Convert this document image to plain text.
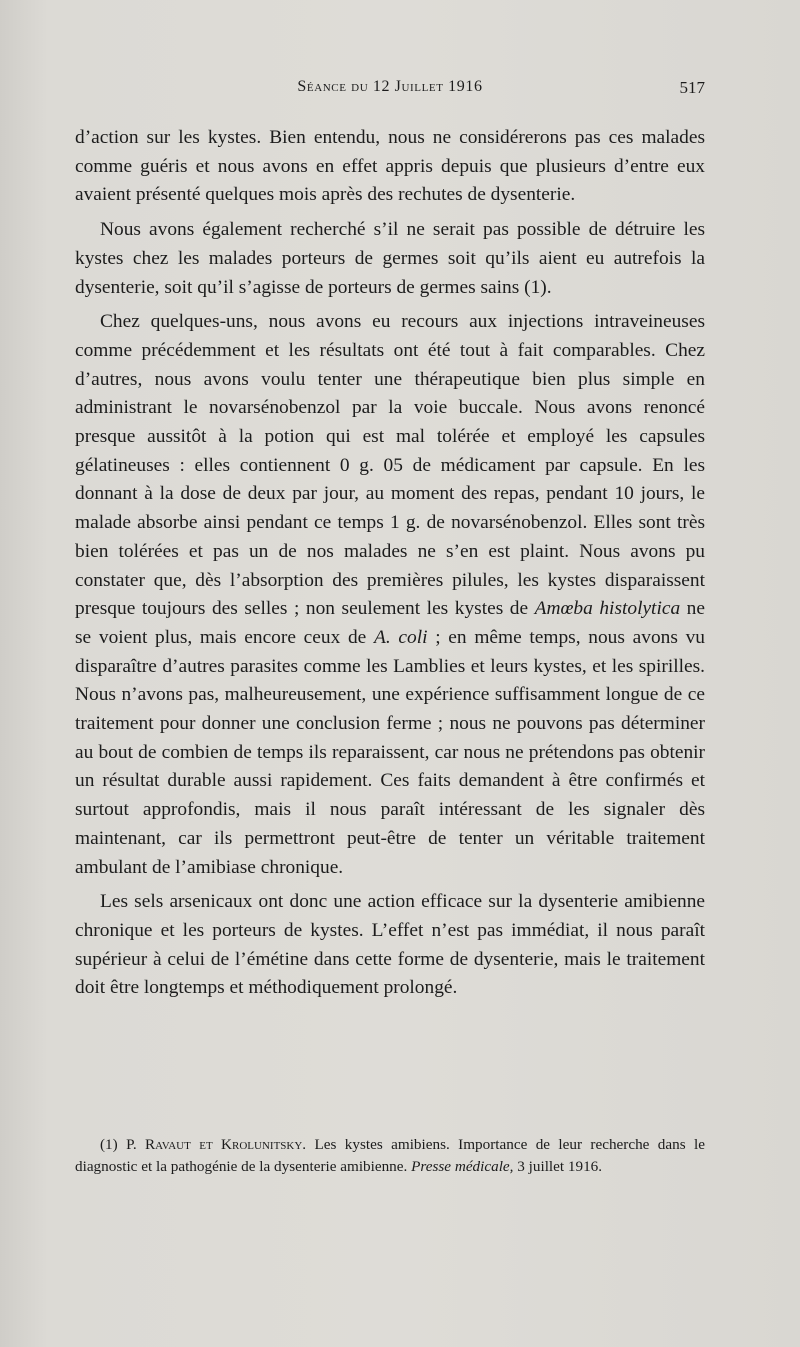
Séance du 12 Juillet 1916	517

d’action sur les kystes. Bien entendu, nous ne considérerons pas ces malades comme guéris et nous avons en effet appris depuis que plusieurs d’entre eux avaient présenté quelques mois après des rechutes de dysenterie.

Nous avons également recherché s’il ne serait pas possible de détruire les kystes chez les malades porteurs de germes soit qu’ils aient eu autrefois la dysenterie, soit qu’il s’agisse de porteurs de germes sains (1).

Chez quelques-uns, nous avons eu recours aux injections intraveineuses comme précédemment et les résultats ont été tout à fait comparables. Chez d’autres, nous avons voulu tenter une thérapeutique bien plus simple en administrant le novarsénobenzol par la voie buccale. Nous avons renoncé presque aussitôt à la potion qui est mal tolérée et employé les capsules gélatineuses : elles contiennent 0 g. 05 de médicament par capsule. En les donnant à la dose de deux par jour, au moment des repas, pendant 10 jours, le malade absorbe ainsi pendant ce temps 1 g. de novarsénobenzol. Elles sont très bien tolérées et pas un de nos malades ne s’en est plaint. Nous avons pu constater que, dès l’absorption des premières pilules, les kystes disparaissent presque toujours des selles ; non seulement les kystes de Amœba histolytica ne se voient plus, mais encore ceux de A. coli ; en même temps, nous avons vu disparaître d’autres parasites comme les Lamblies et leurs kystes, et les spirilles. Nous n’avons pas, malheureusement, une expérience suffisamment longue de ce traitement pour donner une conclusion ferme ; nous ne pouvons pas déterminer au bout de combien de temps ils reparaissent, car nous ne prétendons pas obtenir un résultat durable aussi rapidement. Ces faits demandent à être confirmés et surtout approfondis, mais il nous paraît intéressant de les signaler dès maintenant, car ils permettront peut-être de tenter un véritable traitement ambulant de l’amibiase chronique.

Les sels arsenicaux ont donc une action efficace sur la dysenterie amibienne chronique et les porteurs de kystes. L’effet n’est pas immédiat, il nous paraît supérieur à celui de l’émétine dans cette forme de dysenterie, mais le traitement doit être longtemps et méthodiquement prolongé.

(1) P. Ravaut et Krolunitsky. Les kystes amibiens. Importance de leur recherche dans le diagnostic et la pathogénie de la dysenterie amibienne. Presse médicale, 3 juillet 1916.
